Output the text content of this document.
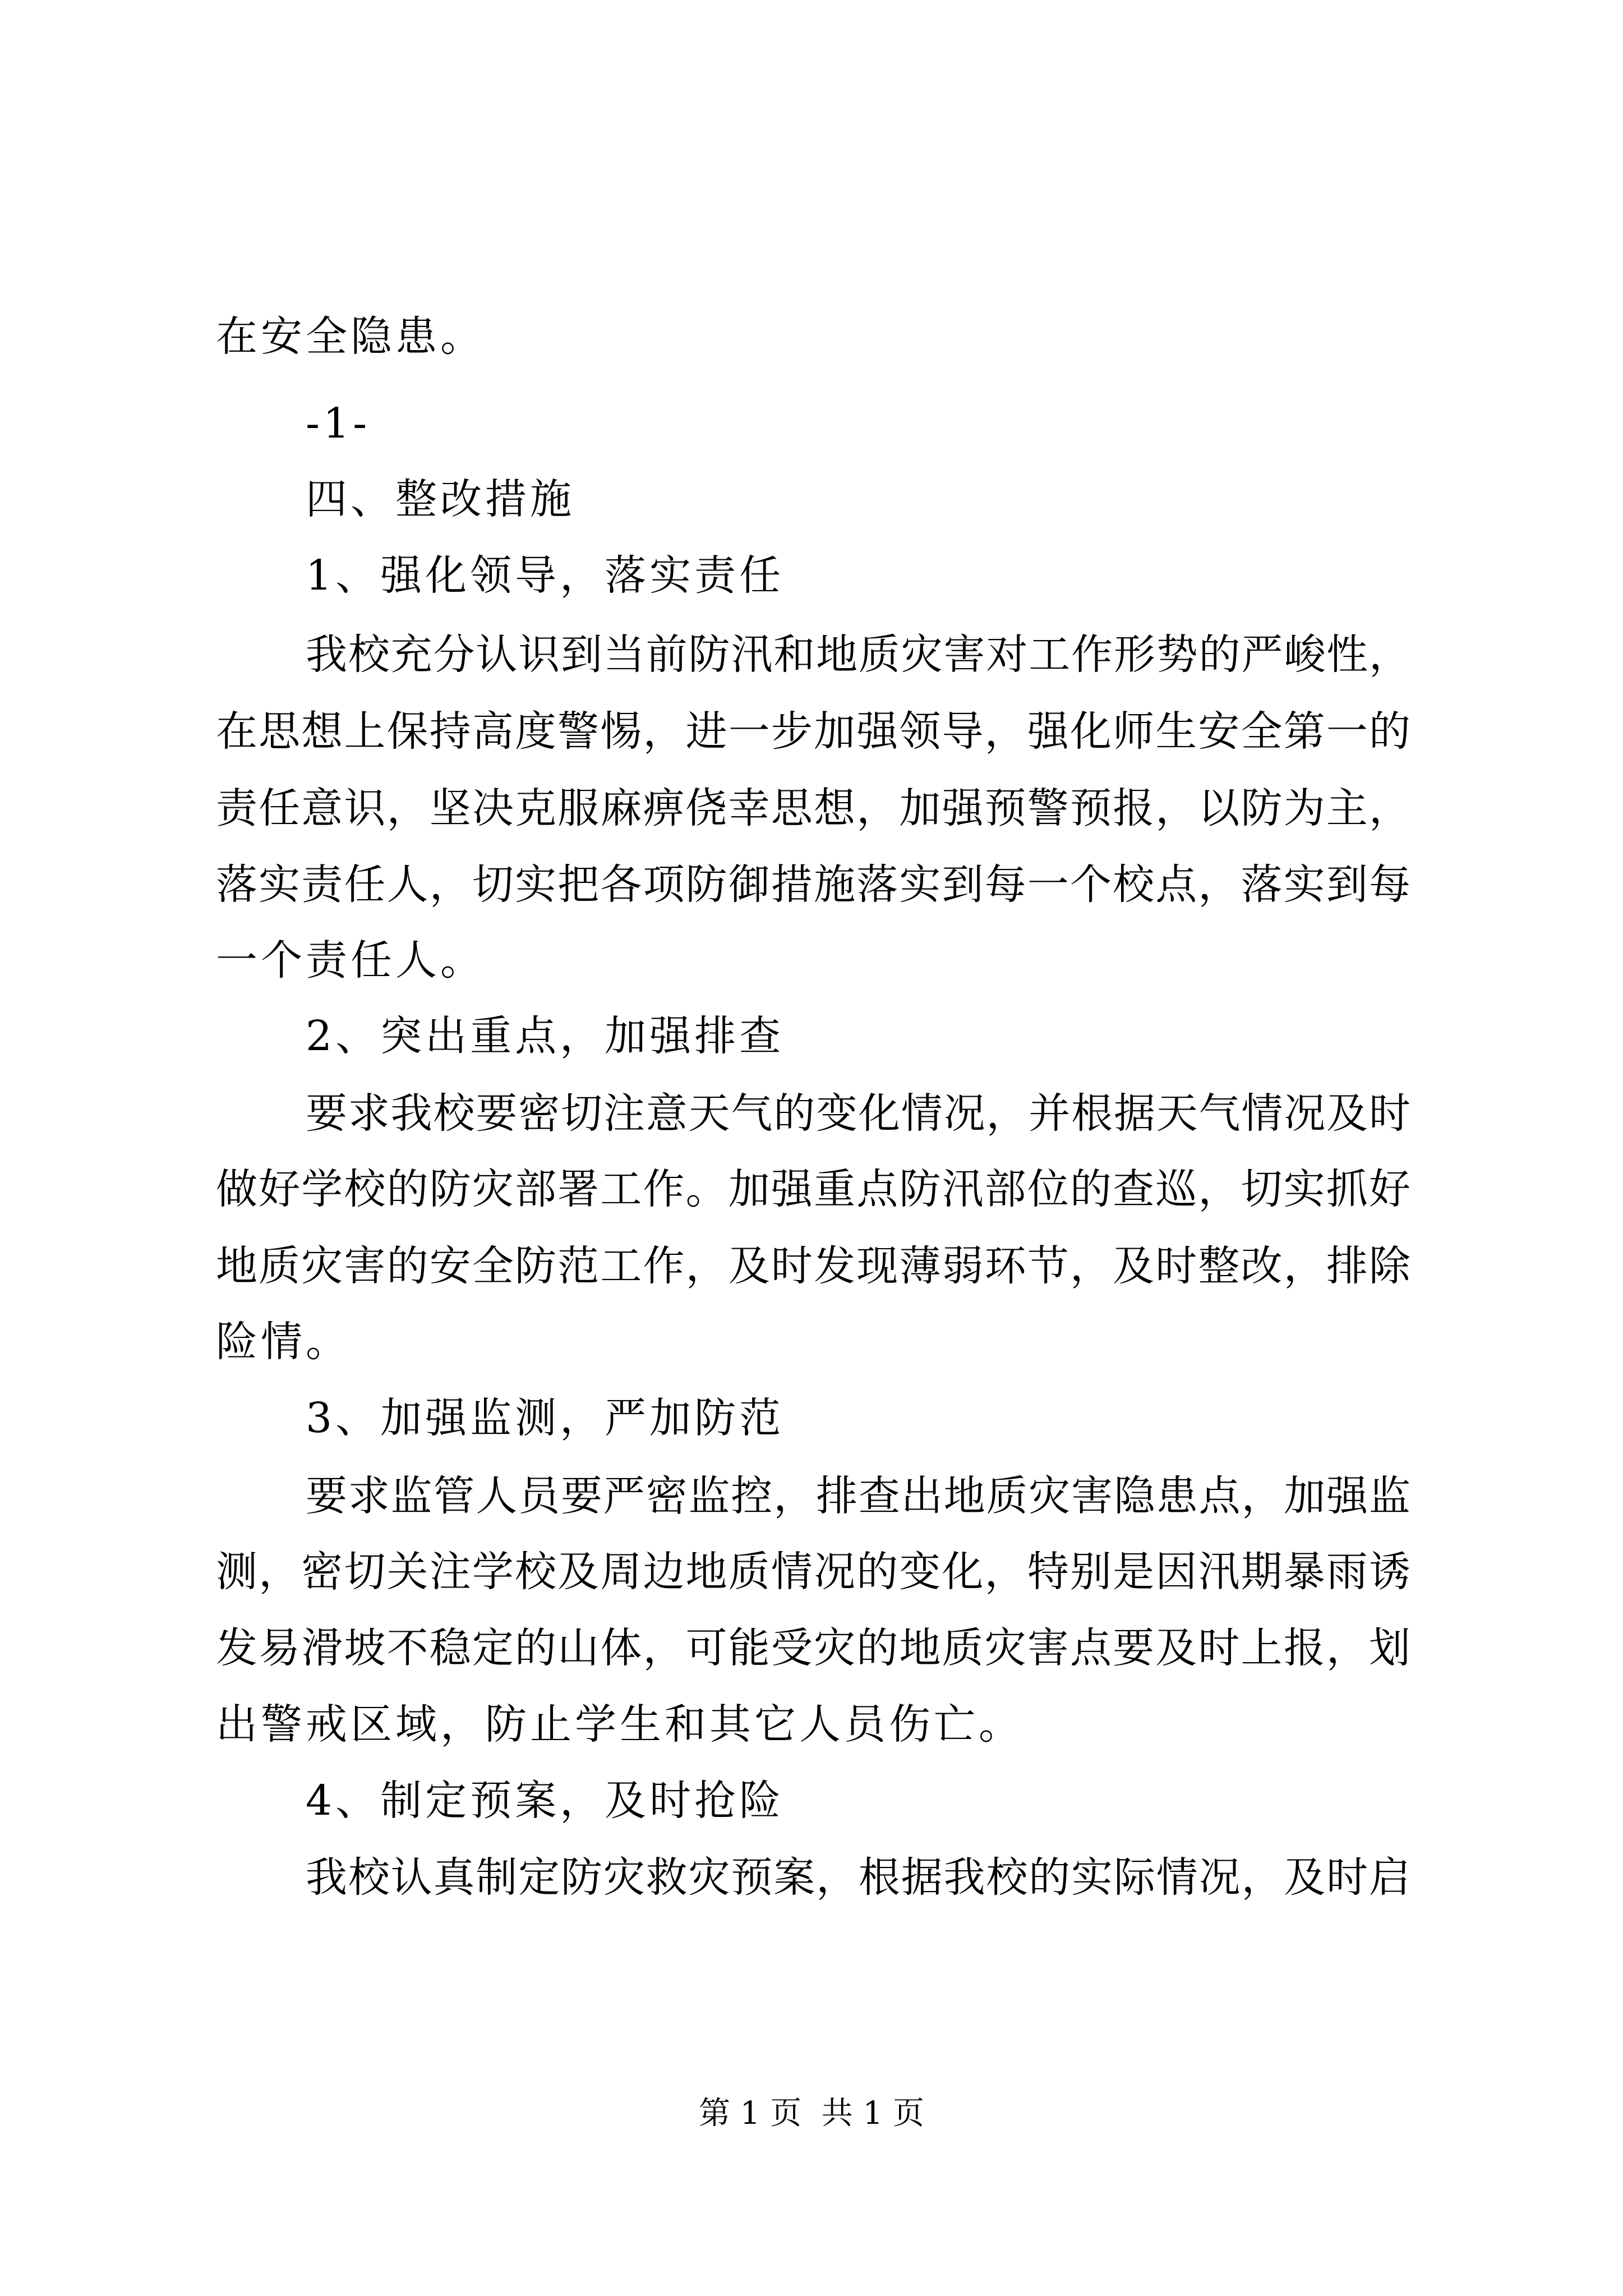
在安全隐患。
-1-
四、整改措施
1、强化领导，落实责任
我校充分认识到当前防汛和地质灾害对工作形势的严峻性，
在思想上保持高度警惕，进一步加强领导，强化师生安全第一的
责任意识，坚决克服麻痹侥幸思想，加强预警预报，以防为主，
落实责任人，切实把各项防御措施落实到每一个校点，落实到每
一个责任人。
2、突出重点，加强排查
要求我校要密切注意天气的变化情况，并根据天气情况及时
做好学校的防灾部署工作。加强重点防汛部位的查巡，切实抓好
地质灾害的安全防范工作，及时发现薄弱环节，及时整改，排除
险情。
3、加强监测，严加防范
要求监管人员要严密监控，排查出地质灾害隐患点，加强监
测，密切关注学校及周边地质情况的变化，特别是因汛期暴雨诱
发易滑坡不稳定的山体，可能受灾的地质灾害点要及时上报，划
出警戒区域，防止学生和其它人员伤亡。
4、制定预案，及时抢险
我校认真制定防灾救灾预案，根据我校的实际情况，及时启
第 1 页  共 1 页
